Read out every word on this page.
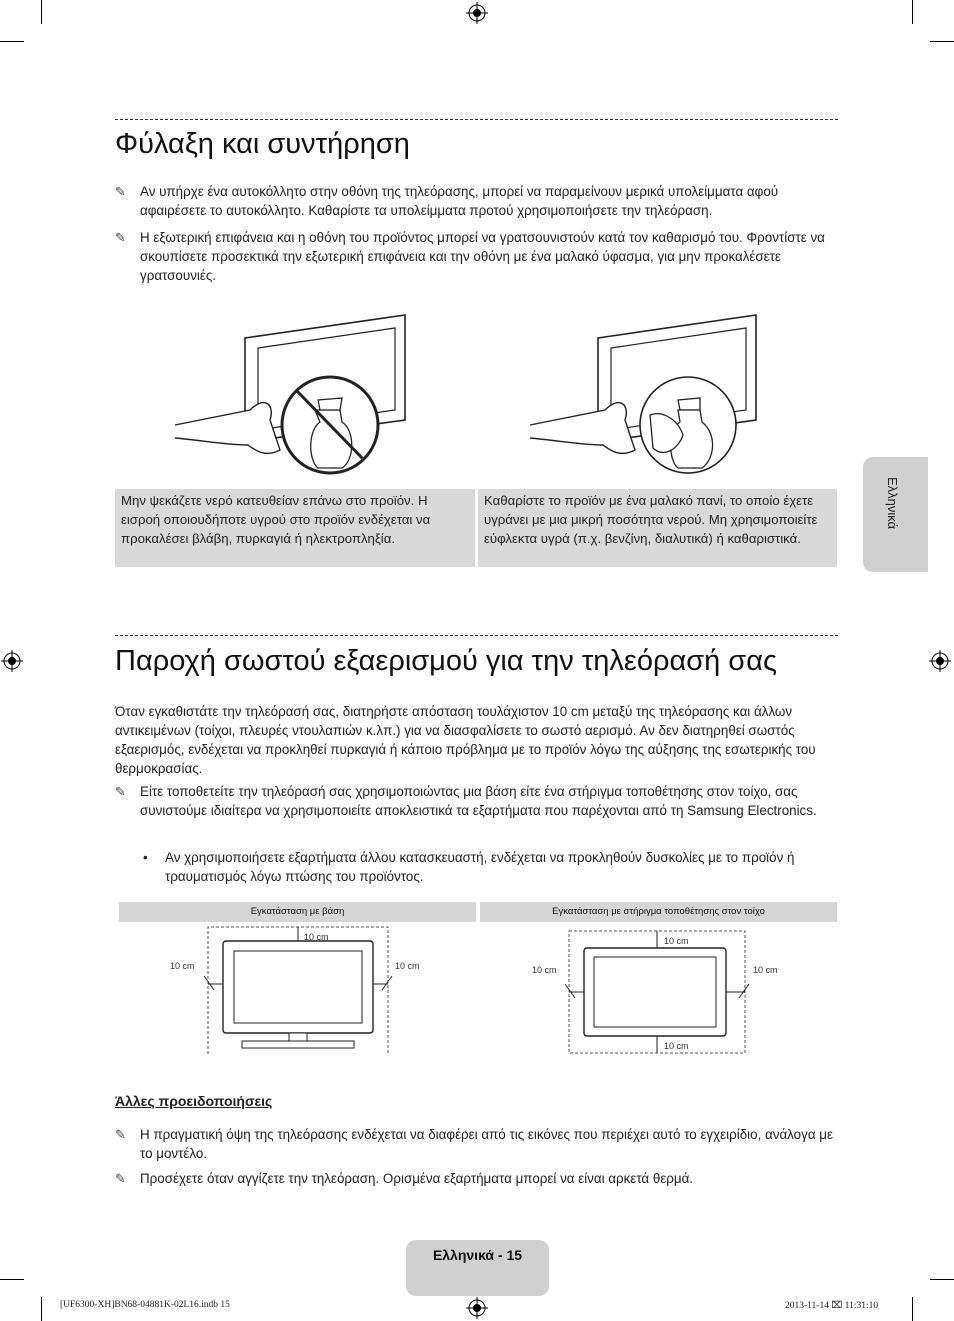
Φύλαξη και συντήρηση
✎ Αν υπήρχε ένα αυτοκόλλητο στην οθόνη της τηλεόρασης, μπορεί να παραμείνουν μερικά υπολείμματα αφού αφαιρέσετε το αυτοκόλλητο. Καθαρίστε τα υπολείμματα προτού χρησιμοποιήσετε την τηλεόραση.
✎ Η εξωτερική επιφάνεια και η οθόνη του προϊόντος μπορεί να γρατσουνιστούν κατά τον καθαρισμό του. Φροντίστε να σκουπίσετε προσεκτικά την εξωτερική επιφάνεια και την οθόνη με ένα μαλακό ύφασμα, για μην προκαλέσετε γρατσουνιές.
Μην ψεκάζετε νερό κατευθείαν επάνω στο προϊόν. Η εισροή οποιουδήποτε υγρού στο προϊόν ενδέχεται να προκαλέσει βλάβη, πυρκαγιά ή ηλεκτροπληξία.
Καθαρίστε το προϊόν με ένα μαλακό πανί, το οποίο έχετε υγράνει με μια μικρή ποσότητα νερού. Μη χρησιμοποιείτε εύφλεκτα υγρά (π.χ. βενζίνη, διαλυτικά) ή καθαριστικά.
Παροχή σωστού εξαερισμού για την τηλεόρασή σας
Όταν εγκαθιστάτε την τηλεόρασή σας, διατηρήστε απόσταση τουλάχιστον 10 cm μεταξύ της τηλεόρασης και άλλων αντικειμένων (τοίχοι, πλευρές ντουλαπιών κ.λπ.) για να διασφαλίσετε το σωστό αερισμό. Αν δεν διατηρηθεί σωστός εξαερισμός, ενδέχεται να προκληθεί πυρκαγιά ή κάποιο πρόβλημα με το προϊόν λόγω της αύξησης της εσωτερικής του θερμοκρασίας.
✎ Είτε τοποθετείτε την τηλεόρασή σας χρησιμοποιώντας μια βάση είτε ένα στήριγμα τοποθέτησης στον τοίχο, σας συνιστούμε ιδιαίτερα να χρησιμοποιείτε αποκλειστικά τα εξαρτήματα που παρέχονται από τη Samsung Electronics.
• Αν χρησιμοποιήσετε εξαρτήματα άλλου κατασκευαστή, ενδέχεται να προκληθούν δυσκολίες με το προϊόν ή τραυματισμός λόγω πτώσης του προϊόντος.
Εγκατάσταση με βάση	Εγκατάσταση με στήριγμα τοποθέτησης στον τοίχο
10 cm
10 cm	10 cm
10 cm
10 cm
10 cm	10 cm
Άλλες προειδοποιήσεις
✎ Η πραγματική όψη της τηλεόρασης ενδέχεται να διαφέρει από τις εικόνες που περιέχει αυτό το εγχειρίδιο, ανάλογα με το μοντέλο.
✎ Προσέχετε όταν αγγίζετε την τηλεόραση. Ορισμένα εξαρτήματα μπορεί να είναι αρκετά θερμά.
Ελληνικά
Ελληνικά - 15
[UF6300-XH]BN68-04881K-02L16.indb 15	2013-11-14 ⌧ 11:31:10
